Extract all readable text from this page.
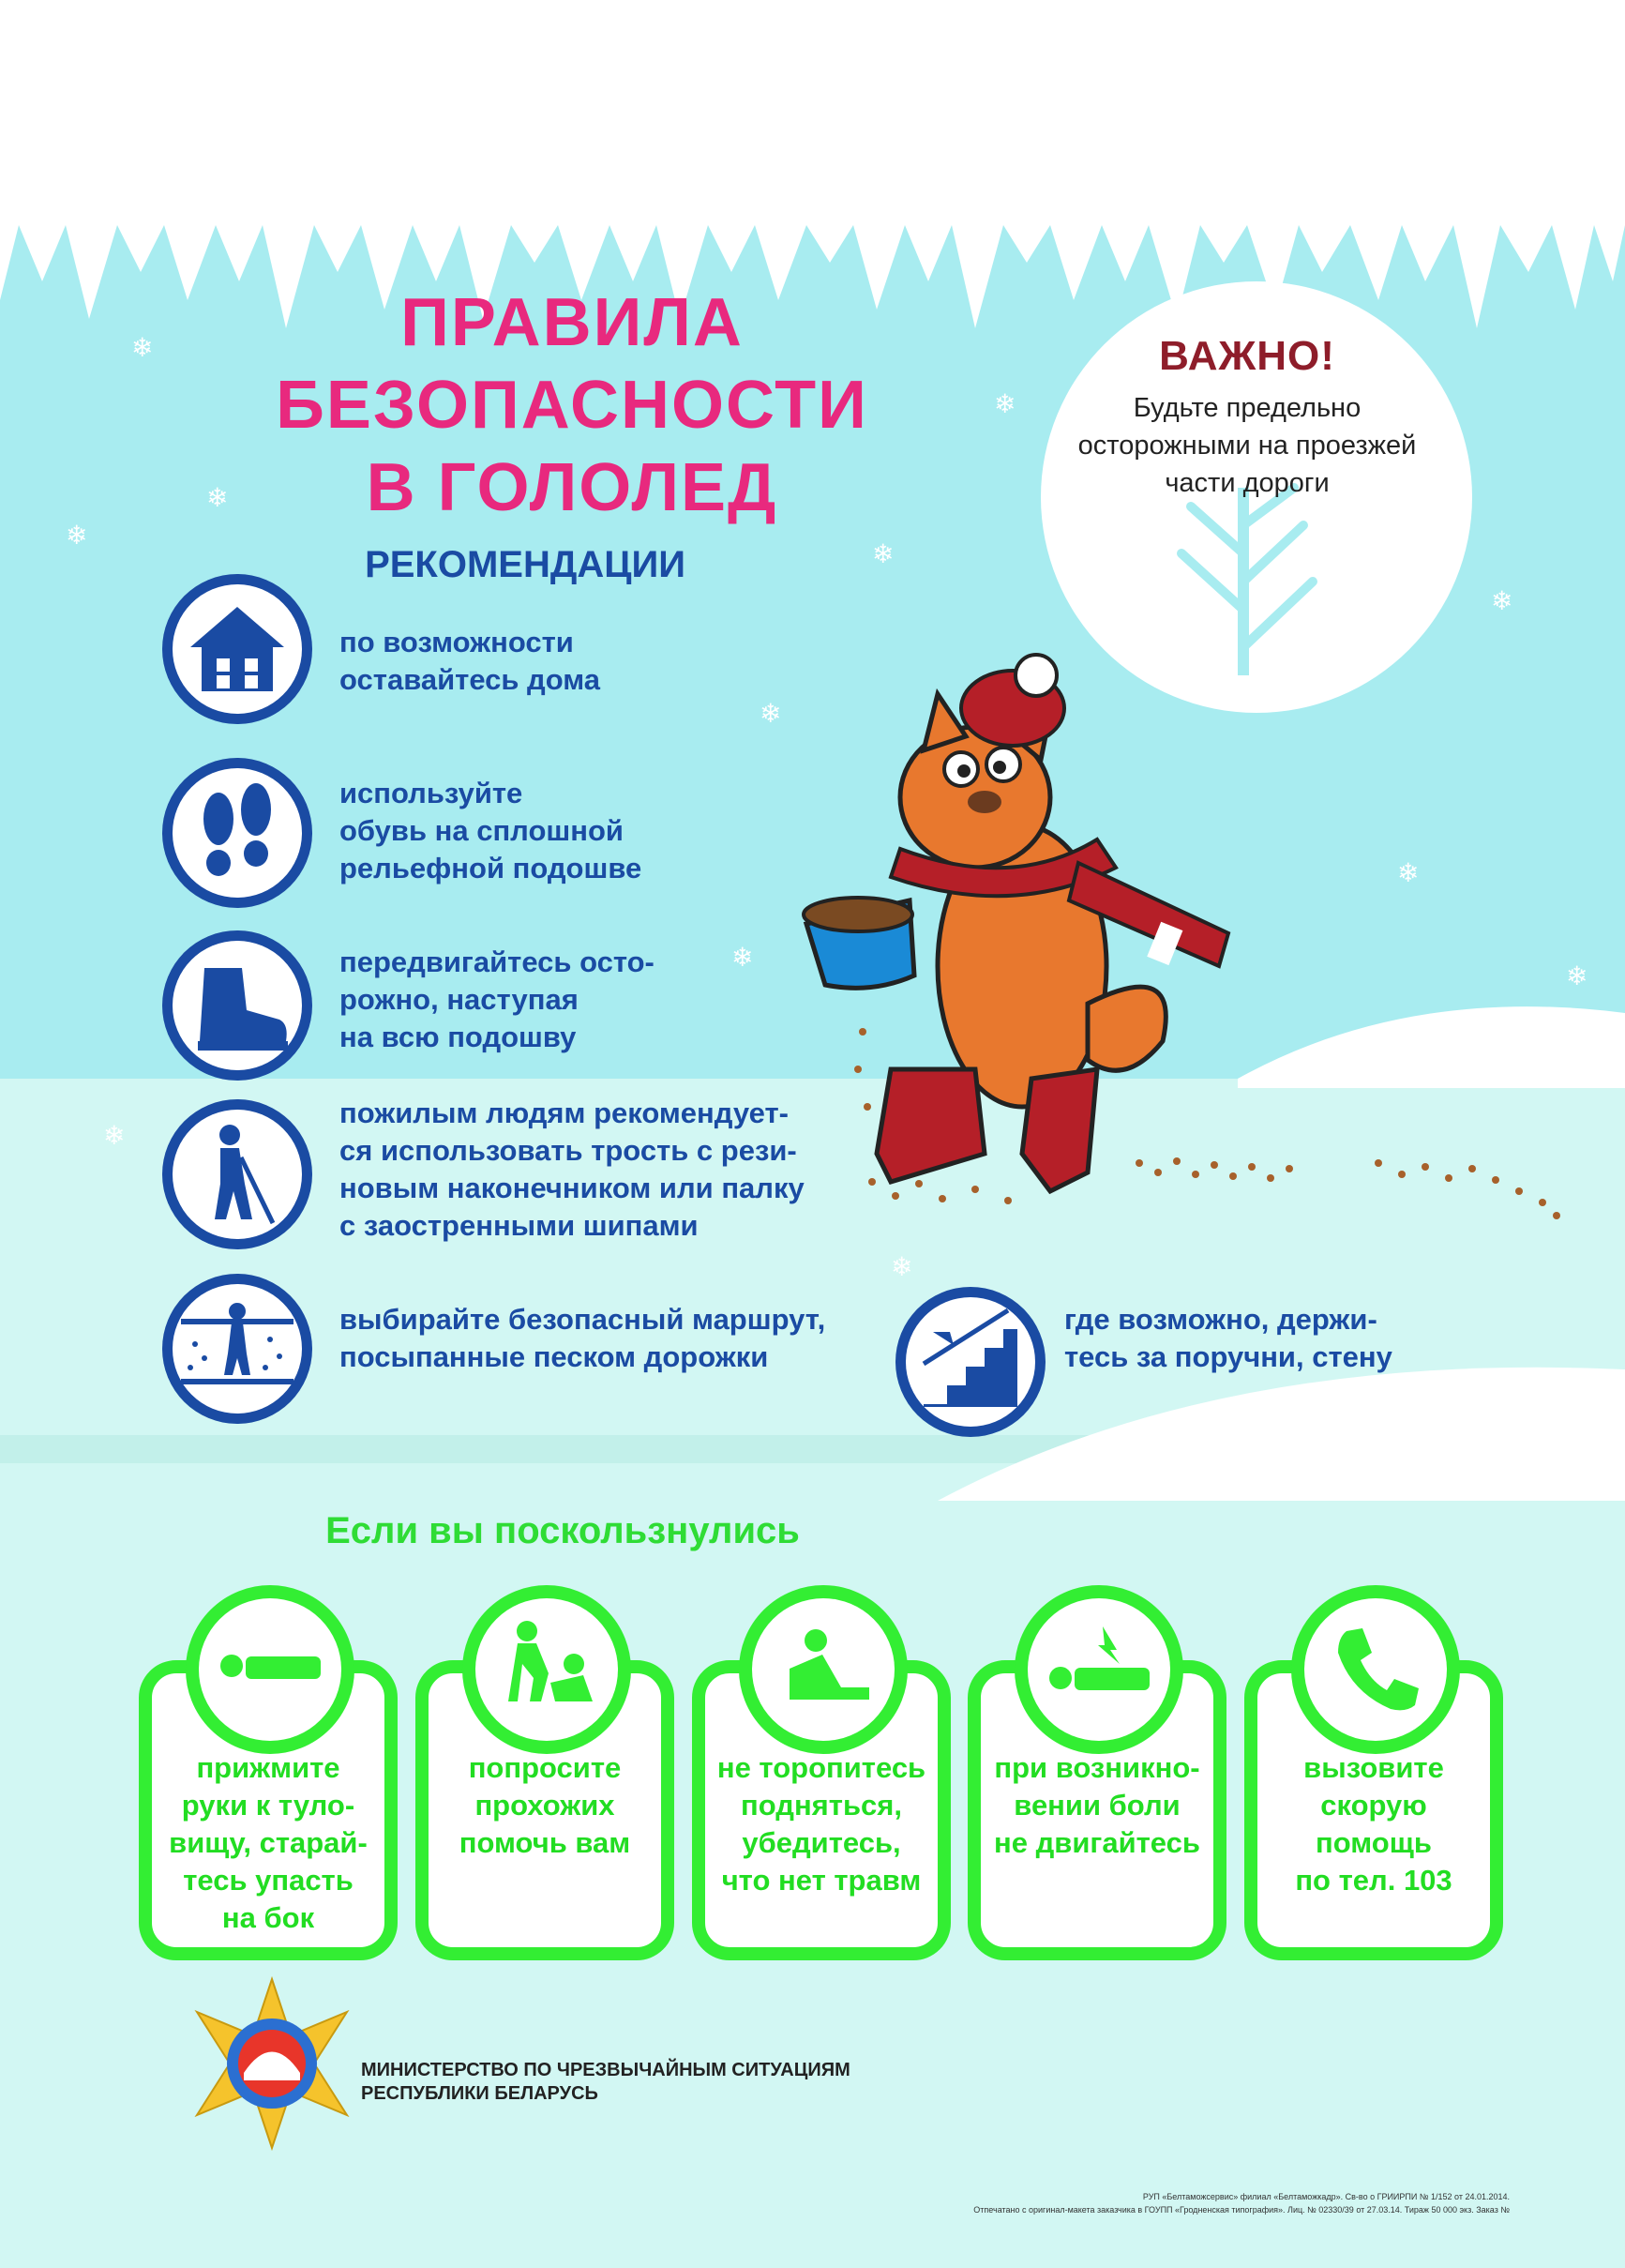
❄
❄
❄
❄
❄
❄
❄
❄
❄
❄
❄
❄
ПРАВИЛА
БЕЗОПАСНОСТИ
В ГОЛОЛЕД
РЕКОМЕНДАЦИИ
ВАЖНО!
Будьте предельно осторожными на проезжей части дороги
по возможности
оставайтесь дома
используйте
обувь на сплошной
рельефной подошве
передвигайтесь осто-
рожно, наступая
на всю подошву
пожилым людям рекомендует-
ся использовать трость с рези-
новым наконечником или палку
с заостренными шипами
выбирайте безопасный маршрут,
посыпанные песком дорожки
где возможно, держи-
тесь за поручни, стену
Если вы поскользнулись
прижмите
руки к туло-
вищу, старай-
тесь упасть
на бок
попросите
прохожих
помочь вам
не торопитесь
подняться,
убедитесь,
что нет травм
при возникно-
вении боли
не двигайтесь
вызовите
скорую
помощь
по тел. 103
МИНИСТЕРСТВО ПО ЧРЕЗВЫЧАЙНЫМ СИТУАЦИЯМ
РЕСПУБЛИКИ БЕЛАРУСЬ
РУП «Белтаможсервис» филиал «Белтаможкадр». Св-во о ГРИИРПИ № 1/152 от 24.01.2014.
Отпечатано с оригинал-макета заказчика в ГОУПП «Гродненская типография». Лиц. № 02330/39 от 27.03.14. Тираж 50 000 экз. Заказ №
